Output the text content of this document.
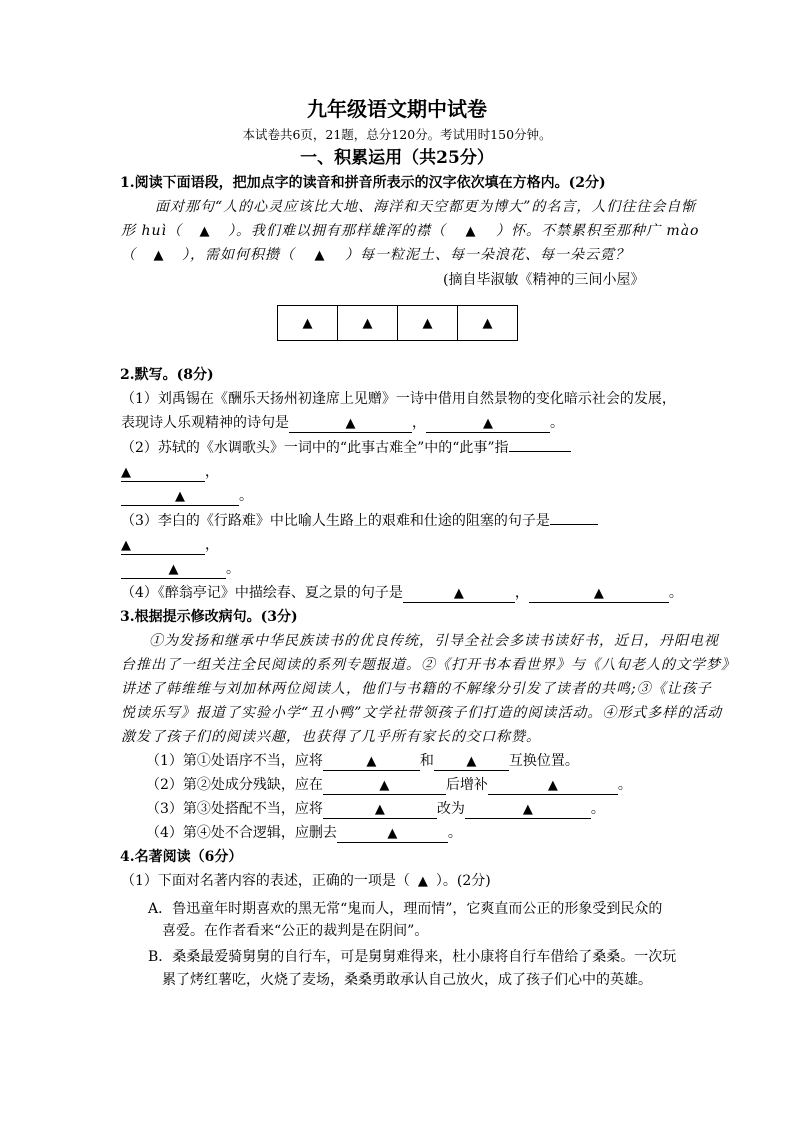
九年级语文期中试卷
本试卷共6页，21题，总分120分。考试用时150分钟。
一、积累运用（共25分）
1.阅读下面语段，把加点字的读音和拼音所表示的汉字依次填在方格内。(2分)
面对那句“人的心灵应该比大地、海洋和天空都更为博大”的名言，人们往往会自惭
形 huì（ ▲ ）。我们难以拥有那样雄浑的襟（ ▲ ）怀。不禁累积至那种广 mào
（ ▲ ），需如何积攒（ ▲ ）每一粒泥土、每一朵浪花、每一朵云霓？
(摘自毕淑敏《精神的三间小屋》
▲	▲	▲	▲
2.默写。(8分)
（1）刘禹锡在《酬乐天扬州初逢席上见赠》一诗中借用自然景物的变化暗示社会的发展，
表现诗人乐观精神的诗句是	▲	，	▲	。
（2）苏轼的《水调歌头》一词中的“此事古难全”中的“此事”指
▲	，
▲	。
（3）李白的《行路难》中比喻人生路上的艰难和仕途的阻塞的句子是
▲	，
▲	。
（4）《醉翁亭记》中描绘春、夏之景的句子是	▲	，	▲	。
3.根据提示修改病句。(3分)
①为发扬和继承中华民族读书的优良传统，引导全社会多读书读好书，近日，丹阳电视
台推出了一组关注全民阅读的系列专题报道。②《打开书本看世界》与《八旬老人的文学梦》
讲述了韩维维与刘加林两位阅读人，他们与书籍的不解缘分引发了读者的共鸣;③《让孩子
悦读乐写》报道了实验小学“丑小鸭”文学社带领孩子们打造的阅读活动。④形式多样的活动
激发了孩子们的阅读兴趣，也获得了几乎所有家长的交口称赞。
（1）第①处语序不当，应将	▲	和	▲ 互换位置。
（2）第②处成分残缺，应在	▲	后增补	▲	。
（3）第③处搭配不当，应将	▲	改为	▲	。
（4）第④处不合逻辑，应删去	▲	。
4.名著阅读（6分）
（1）下面对名著内容的表述，正确的一项是（ ▲ ）。(2分)
A．鲁迅童年时期喜欢的黑无常“鬼而人，理而情”，它爽直而公正的形象受到民众的
喜爱。在作者看来“公正的裁判是在阴间”。
B．桑桑最爱骑舅舅的自行车，可是舅舅难得来，杜小康将自行车借给了桑桑。一次玩
累了烤红薯吃，火烧了麦场，桑桑勇敢承认自己放火，成了孩子们心中的英雄。
